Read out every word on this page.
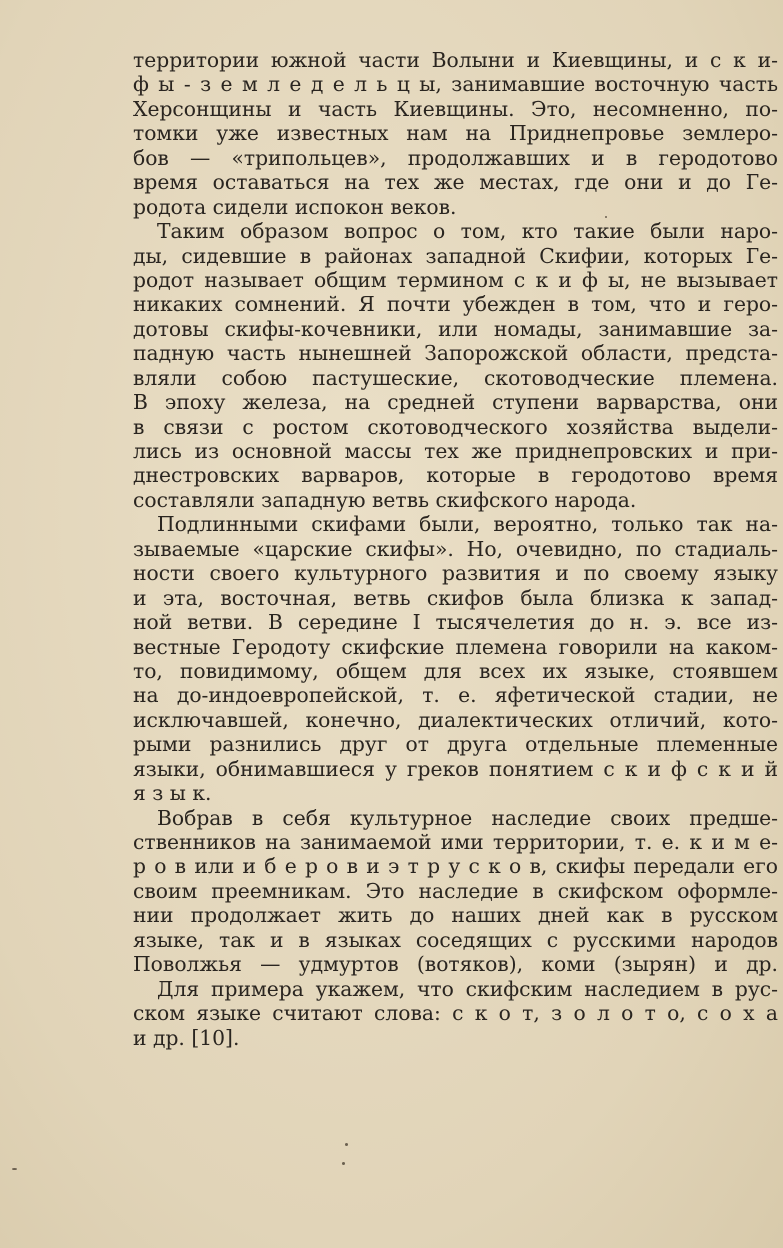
территории южной части Волыни и Киевщины, и с к и-
ф ы - з е м л е д е л ь ц ы, занимавшие восточную часть
Херсонщины и часть Киевщины. Это, несомненно, по-
томки уже известных нам на Приднепровье землеро-
бов — «трипольцев», продолжавших и в геродотово
время оставаться на тех же местах, где они и до Ге-
родота сидели испокон веков.

Таким образом вопрос о том, кто такие были наро-
ды, сидевшие в районах западной Скифии, которых Ге-
родот называет общим термином с к и ф ы, не вызывает
никаких сомнений. Я почти убежден в том, что и геро-
дотовы скифы-кочевники, или номады, занимавшие за-
падную часть нынешней Запорожской области, предста-
вляли собою пастушеские, скотоводческие племена.
В эпоху железа, на средней ступени варварства, они
в связи с ростом скотоводческого хозяйства выдели-
лись из основной массы тех же приднепровских и при-
днестровских варваров, которые в геродотово время
составляли западную ветвь скифского народа.

Подлинными скифами были, вероятно, только так на-
зываемые «царские скифы». Но, очевидно, по стадиаль-
ности своего культурного развития и по своему языку
и эта, восточная, ветвь скифов была близка к запад-
ной ветви. В середине I тысячелетия до н. э. все из-
вестные Геродоту скифские племена говорили на каком-
то, повидимому, общем для всех их языке, стоявшем
на до-индоевропейской, т. е. яфетической стадии, не
исключавшей, конечно, диалектических отличий, кото-
рыми разнились друг от друга отдельные племенные
языки, обнимавшиеся у греков понятием с к и ф с к и й
я з ы к.

Вобрав в себя культурное наследие своих предше-
ственников на занимаемой ими территории, т. е. к и м е-
р о в или и б е р о в и э т р у с к о в, скифы передали его
своим преемникам. Это наследие в скифском оформле-
нии продолжает жить до наших дней как в русском
языке, так и в языках соседящих с русскими народов
Поволжья — удмуртов (вотяков), коми (зырян) и др.

Для примера укажем, что скифским наследием в рус-
ском языке считают слова: с к о т, з о л о т о, с о х а
и др. [10].
